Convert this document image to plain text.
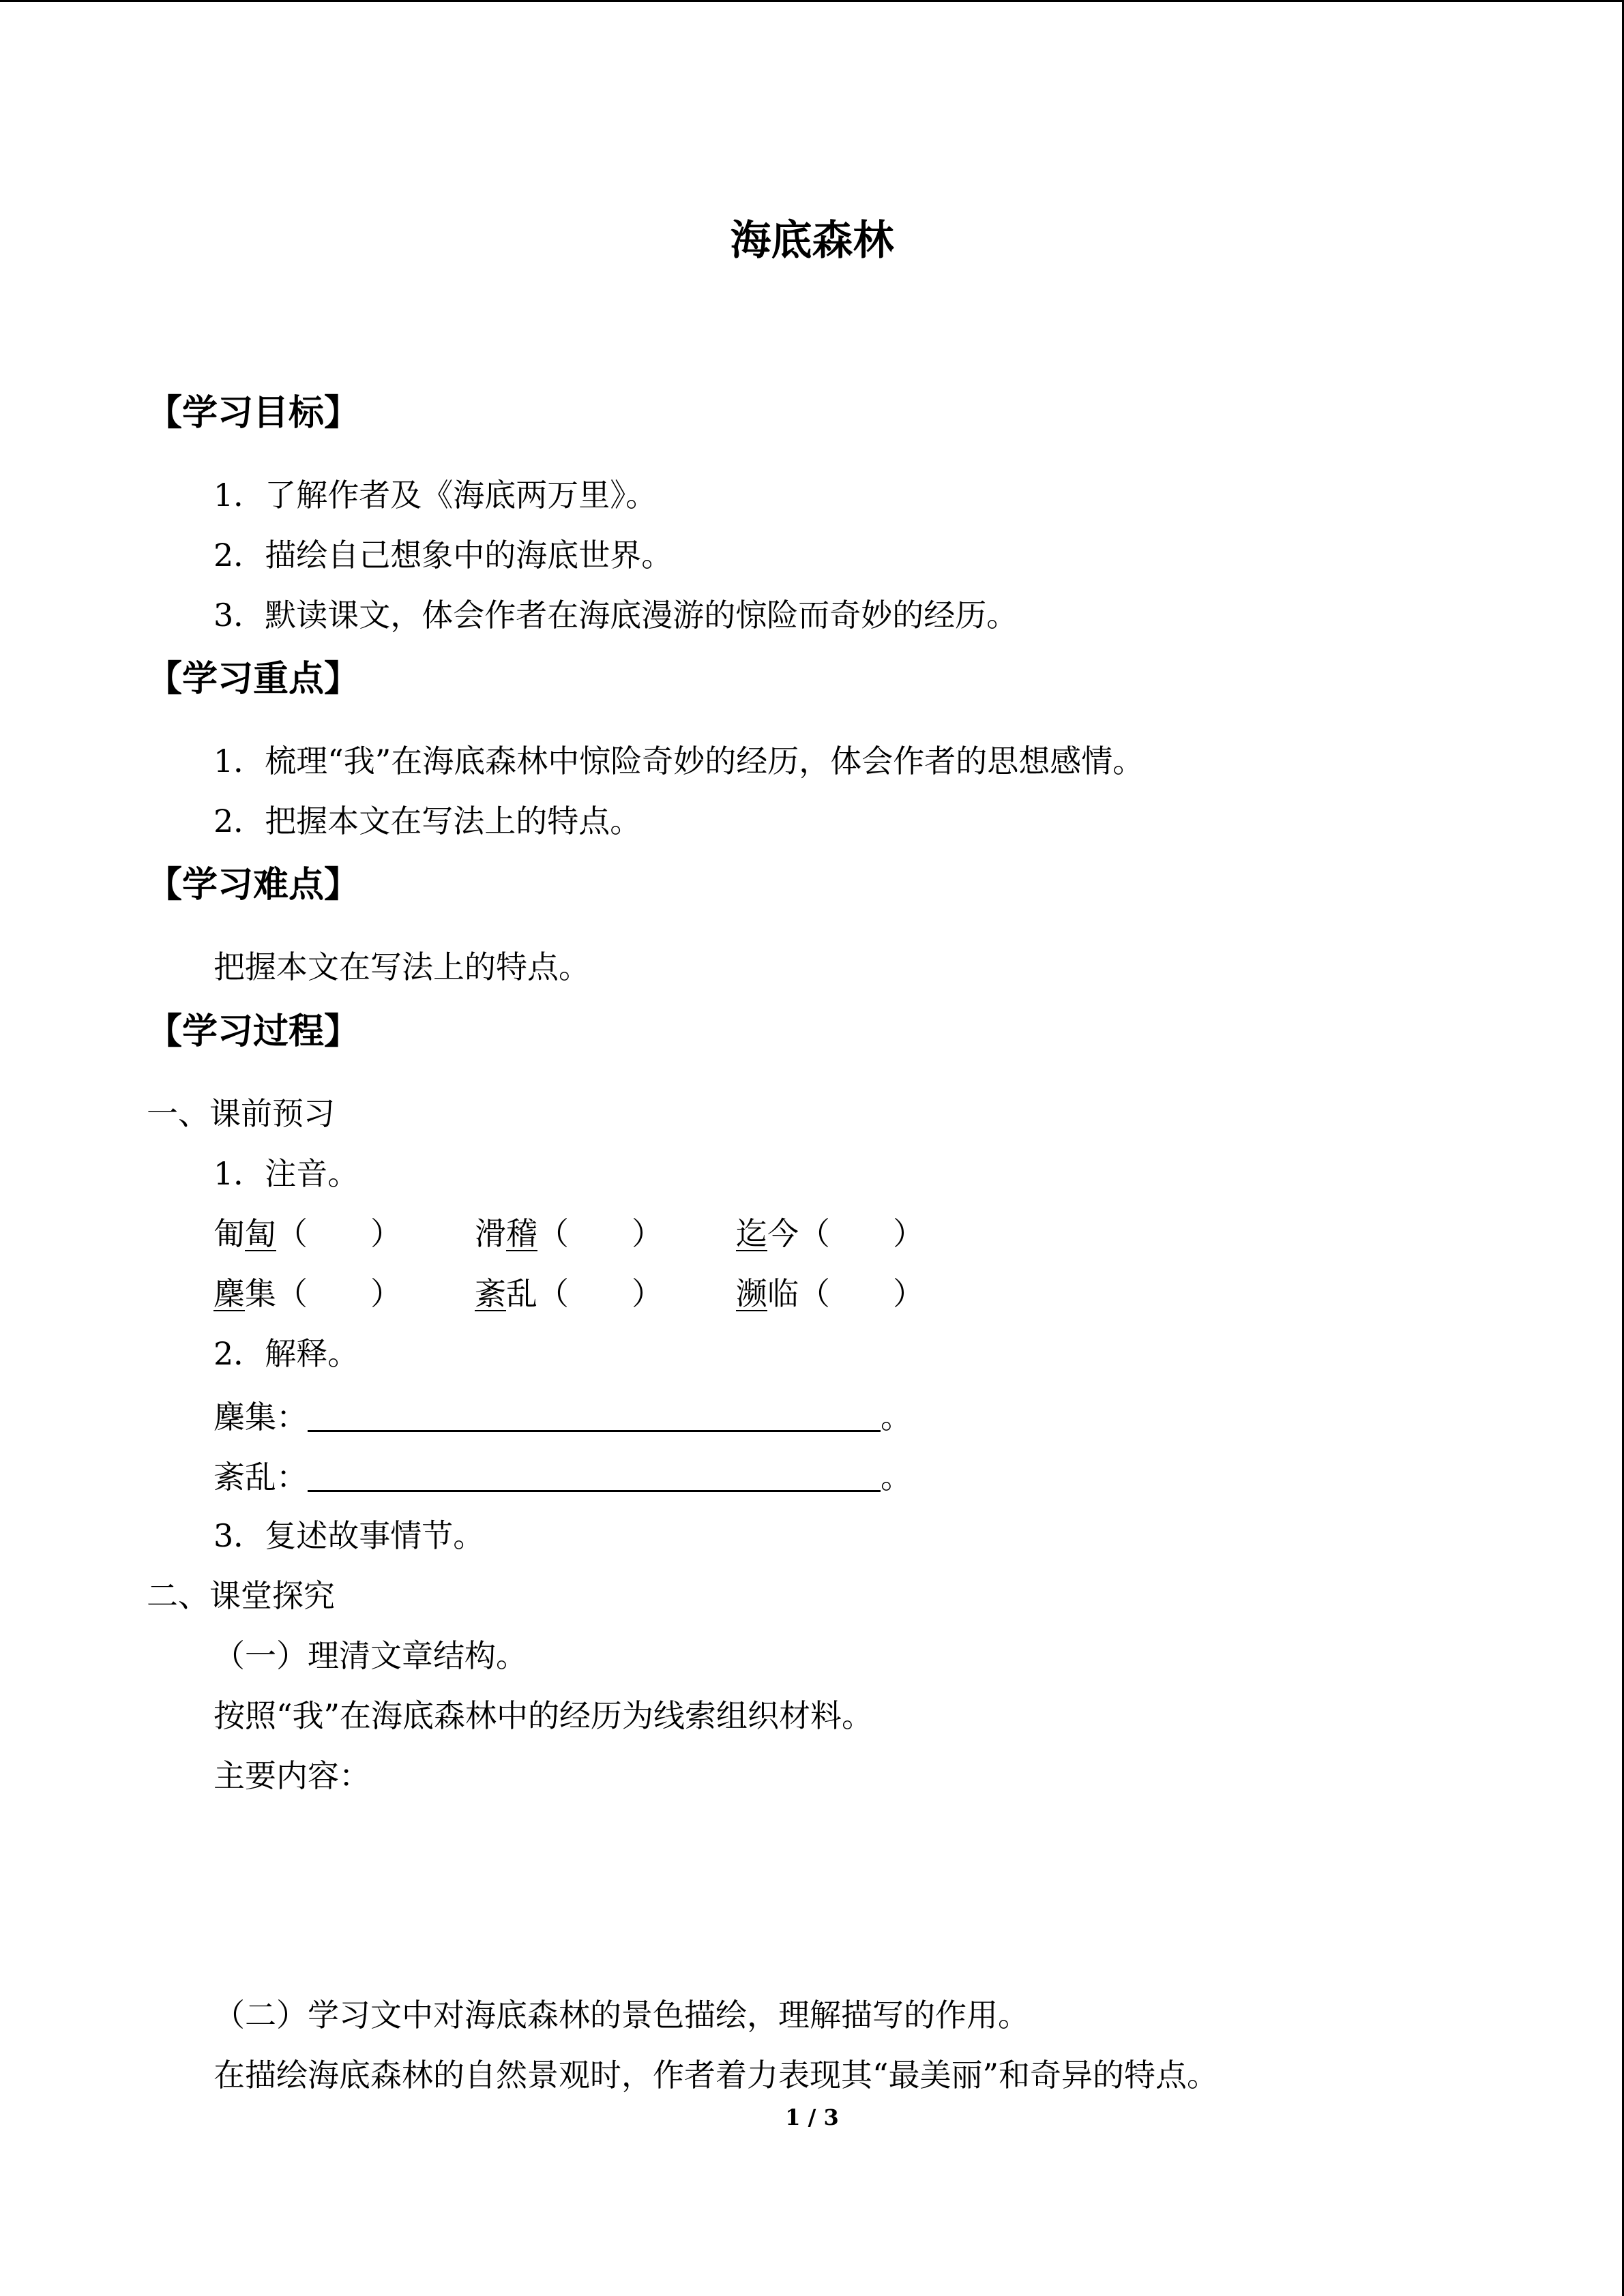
海底森林
【学习目标】
1．了解作者及《海底两万里》。
2．描绘自己想象中的海底世界。
3．默读课文，体会作者在海底漫游的惊险而奇妙的经历。
【学习重点】
1．梳理“我”在海底森林中惊险奇妙的经历，体会作者的思想感情。
2．把握本文在写法上的特点。
【学习难点】
把握本文在写法上的特点。
【学习过程】
一、课前预习
1．注音。
匍匐（　　） 滑稽（　　） 迄今（　　）
麇集（　　） 紊乱（　　） 濒临（　　）
2．解释。
麇集：	。
紊乱：	。
3．复述故事情节。
二、课堂探究
（一）理清文章结构。
按照“我”在海底森林中的经历为线索组织材料。
主要内容：
（二）学习文中对海底森林的景色描绘，理解描写的作用。
在描绘海底森林的自然景观时，作者着力表现其“最美丽”和奇异的特点。
1 / 3
